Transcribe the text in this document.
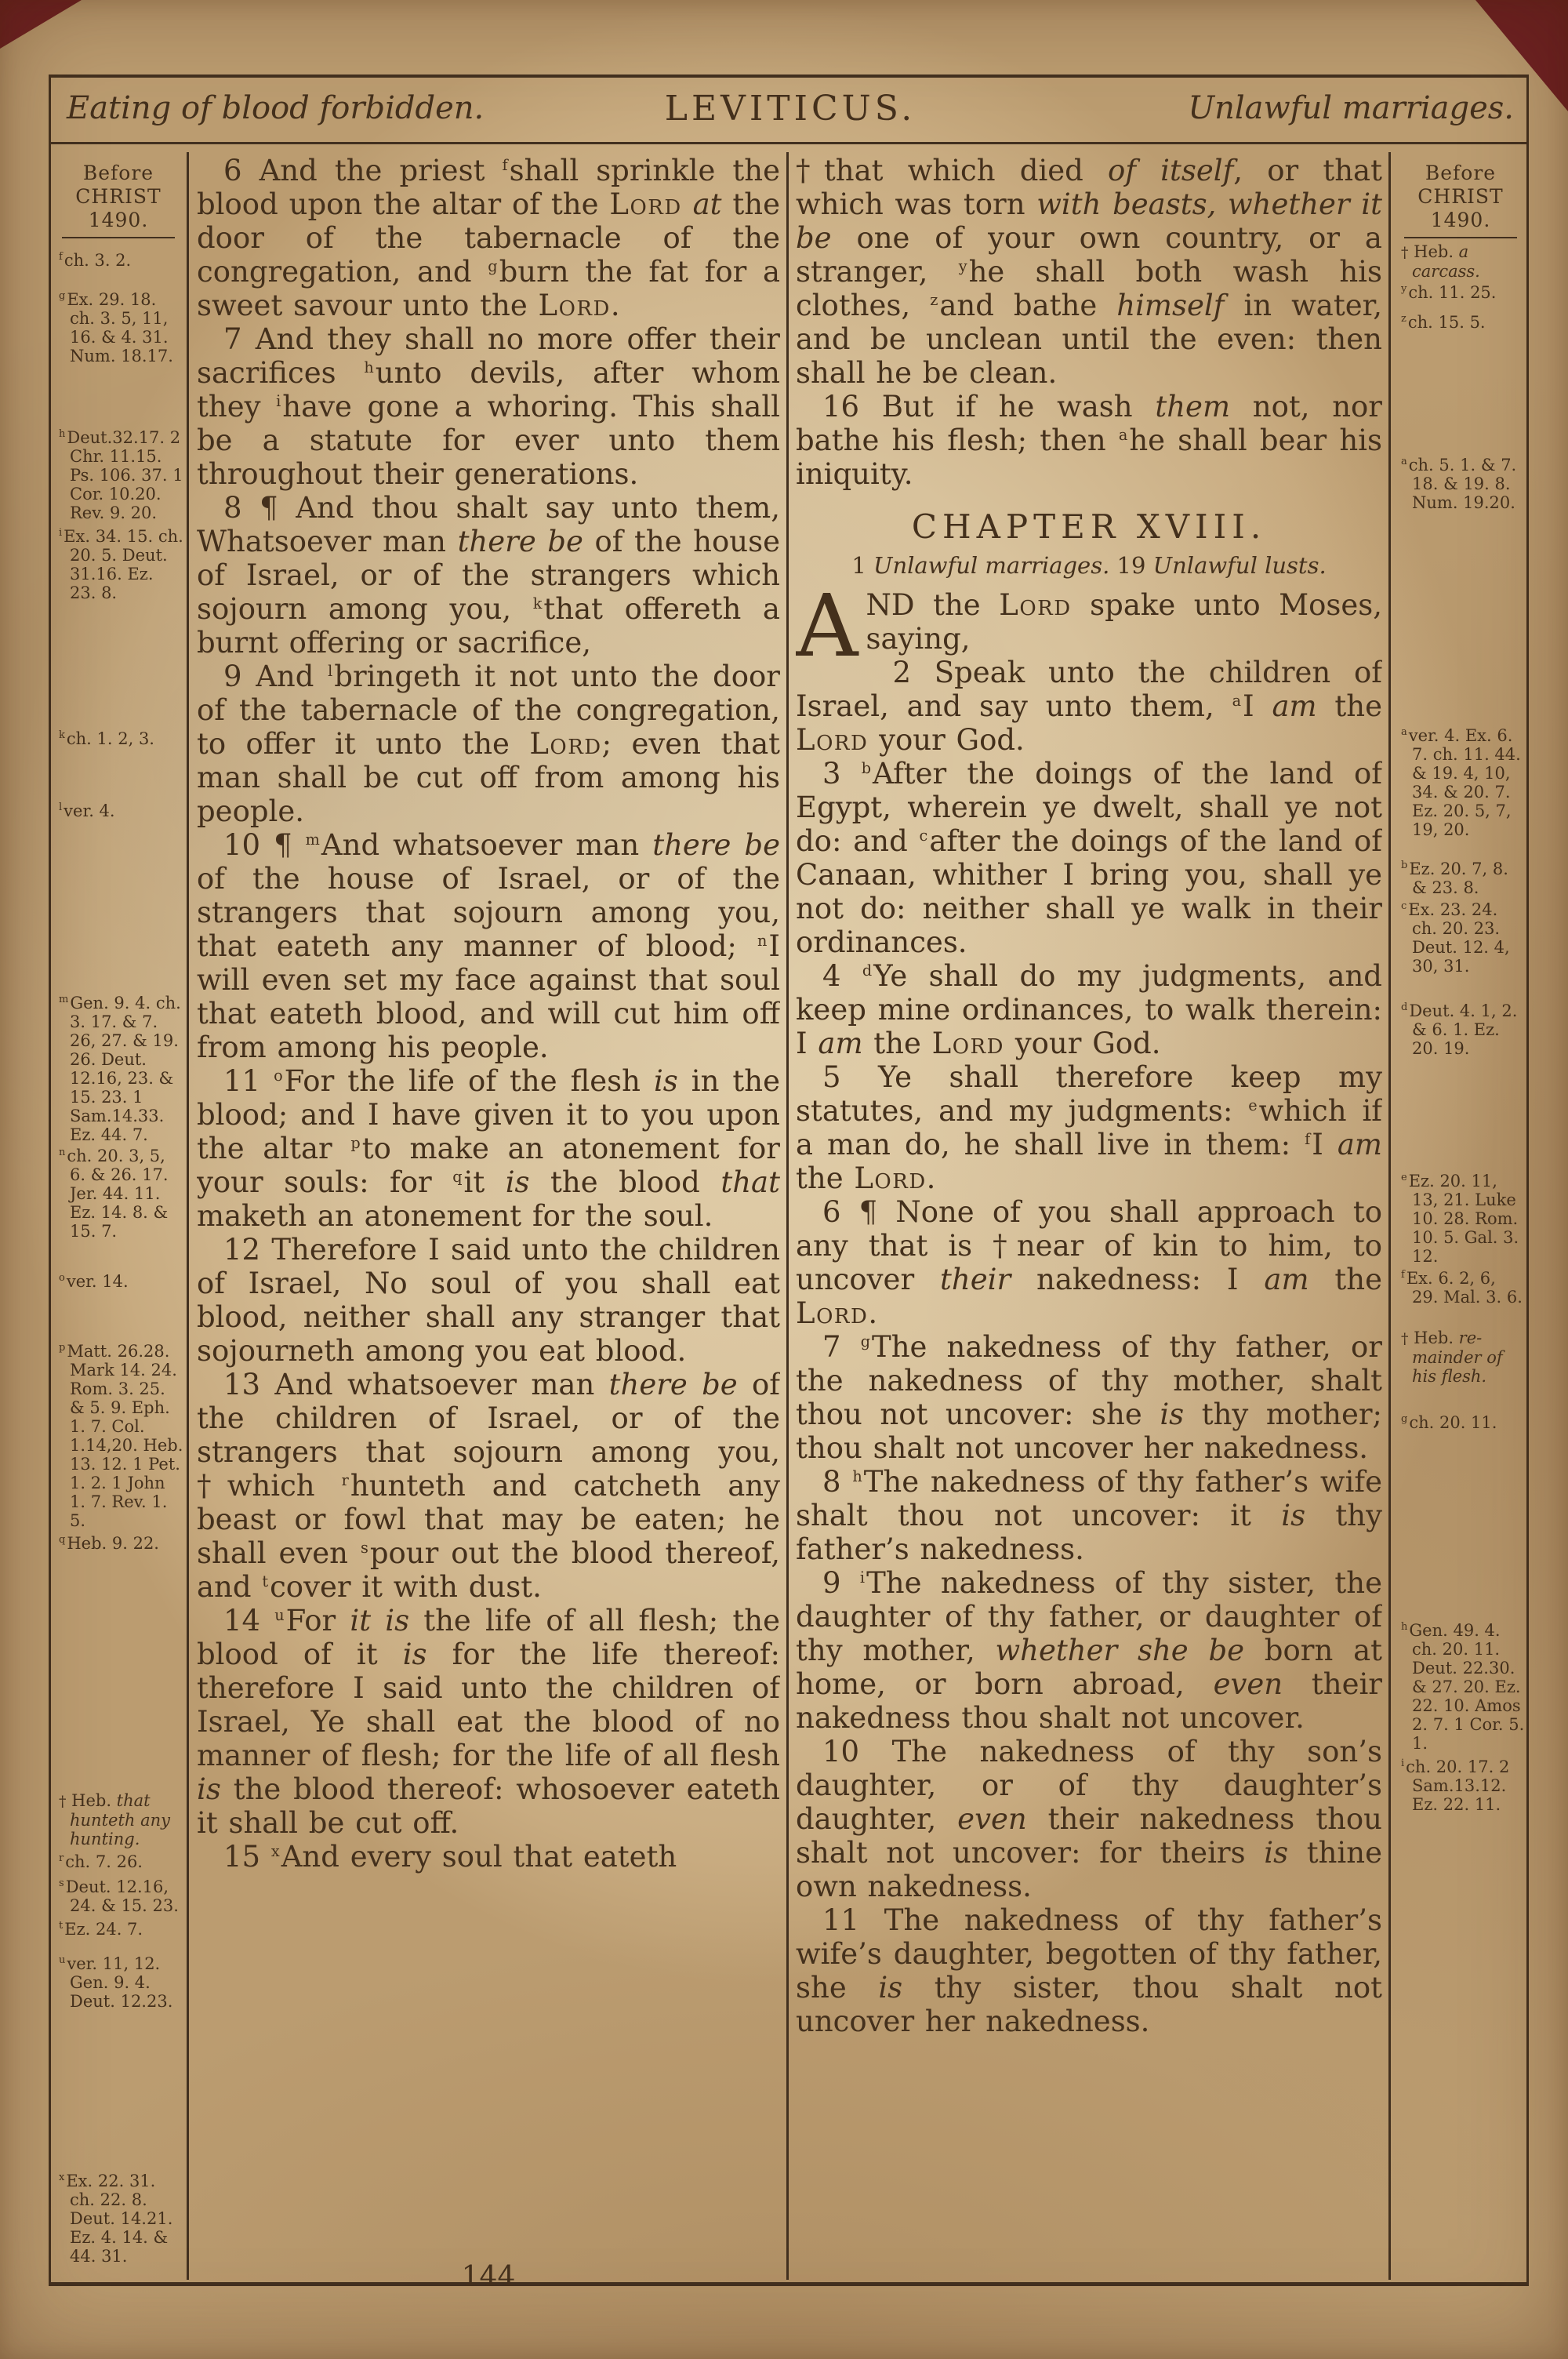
Eating of blood forbidden.	LEVITICUS.	Unlawful marriages.
Before
CHRIST
1490.
$^f$ch. 3. 2.
$^g$Ex. 29. 18. ch. 3. 5, 11, 16. & 4. 31. Num. 18.17.
$^h$Deut.32.17. 2 Chr. 11.15. Ps. 106. 37. 1 Cor. 10.20. Rev. 9. 20.
$^i$Ex. 34. 15. ch. 20. 5. Deut. 31.16. Ez. 23. 8.
$^k$ch. 1. 2, 3.
$^l$ver. 4.
$^m$Gen. 9. 4. ch. 3. 17. & 7. 26, 27. & 19. 26. Deut. 12.16, 23. & 15. 23. 1 Sam.14.33. Ez. 44. 7.
$^n$ch. 20. 3, 5, 6. & 26. 17. Jer. 44. 11. Ez. 14. 8. & 15. 7.
$^o$ver. 14.
$^p$Matt. 26.28. Mark 14. 24. Rom. 3. 25. & 5. 9. Eph. 1. 7. Col. 1.14,20. Heb. 13. 12. 1 Pet. 1. 2. 1 John 1. 7. Rev. 1. 5.
$^q$Heb. 9. 22.
† Heb. that hunteth any hunting.
$^r$ch. 7. 26.
$^s$Deut. 12.16, 24. & 15. 23.
$^t$Ez. 24. 7.
$^u$ver. 11, 12. Gen. 9. 4. Deut. 12.23.
$^x$Ex. 22. 31. ch. 22. 8. Deut. 14.21. Ez. 4. 14. & 44. 31.

6 And the priest $^f$shall sprinkle the blood upon the altar of the Lord at the door of the tabernacle of the congregation, and $^g$burn the fat for a sweet savour unto the Lord.

7 And they shall no more offer their sacrifices $^h$unto devils, after whom they $^i$have gone a whoring. This shall be a statute for ever unto them throughout their generations.

8 ¶ And thou shalt say unto them, Whatsoever man there be of the house of Israel, or of the strangers which sojourn among you, $^k$that offereth a burnt offering or sacrifice,

9 And $^l$bringeth it not unto the door of the tabernacle of the congregation, to offer it unto the Lord; even that man shall be cut off from among his people.

10 ¶ $^m$And whatsoever man there be of the house of Israel, or of the strangers that sojourn among you, that eateth any manner of blood; $^n$I will even set my face against that soul that eateth blood, and will cut him off from among his people.

11 $^o$For the life of the flesh is in the blood; and I have given it to you upon the altar $^p$to make an atonement for your souls: for $^q$it is the blood that maketh an atonement for the soul.

12 Therefore I said unto the children of Israel, No soul of you shall eat blood, neither shall any stranger that sojourneth among you eat blood.

13 And whatsoever man there be of the children of Israel, or of the strangers that sojourn among you, †which $^r$hunteth and catcheth any beast or fowl that may be eaten; he shall even $^s$pour out the blood thereof, and $^t$cover it with dust.

14 $^u$For it is the life of all flesh; the blood of it is for the life thereof: therefore I said unto the children of Israel, Ye shall eat the blood of no manner of flesh; for the life of all flesh is the blood thereof: whosoever eateth it shall be cut off.

15 $^x$And every soul that eateth

†that which died of itself, or that which was torn with beasts, whether it be one of your own country, or a stranger, $^y$he shall both wash his clothes, $^z$and bathe himself in water, and be unclean until the even: then shall he be clean.

16 But if he wash them not, nor bathe his flesh; then $^a$he shall bear his iniquity.

CHAPTER XVIII.

1 Unlawful marriages. 19 Unlawful lusts.

AND the Lord spake unto Moses, saying,

2 Speak unto the children of Israel, and say unto them, $^a$I am the Lord your God.

3 $^b$After the doings of the land of Egypt, wherein ye dwelt, shall ye not do: and $^c$after the doings of the land of Canaan, whither I bring you, shall ye not do: neither shall ye walk in their ordinances.

4 $^d$Ye shall do my judgments, and keep mine ordinances, to walk therein: I am the Lord your God.

5 Ye shall therefore keep my statutes, and my judgments: $^e$which if a man do, he shall live in them: $^f$I am the Lord.

6 ¶ None of you shall approach to any that is †near of kin to him, to uncover their nakedness: I am the Lord.

7 $^g$The nakedness of thy father, or the nakedness of thy mother, shalt thou not uncover: she is thy mother; thou shalt not uncover her nakedness.

8 $^h$The nakedness of thy father’s wife shalt thou not uncover: it is thy father’s nakedness.

9 $^i$The nakedness of thy sister, the daughter of thy father, or daughter of thy mother, whether she be born at home, or born abroad, even their nakedness thou shalt not uncover.

10 The nakedness of thy son’s daughter, or of thy daughter’s daughter, even their nakedness thou shalt not uncover: for theirs is thine own nakedness.

11 The nakedness of thy father’s wife’s daughter, begotten of thy father, she is thy sister, thou shalt not uncover her nakedness.

Before
CHRIST
1490.
† Heb. a carcass.
$^y$ch. 11. 25.
$^z$ch. 15. 5.
$^a$ch. 5. 1. & 7. 18. & 19. 8. Num. 19.20.
$^a$ver. 4. Ex. 6. 7. ch. 11. 44. & 19. 4, 10, 34. & 20. 7. Ez. 20. 5, 7, 19, 20.
$^b$Ez. 20. 7, 8. & 23. 8.
$^c$Ex. 23. 24. ch. 20. 23. Deut. 12. 4, 30, 31.
$^d$Deut. 4. 1, 2. & 6. 1. Ez. 20. 19.
$^e$Ez. 20. 11, 13, 21. Luke 10. 28. Rom. 10. 5. Gal. 3. 12.
$^f$Ex. 6. 2, 6, 29. Mal. 3. 6.
† Heb. re-mainder of his flesh.
$^g$ch. 20. 11.
$^h$Gen. 49. 4. ch. 20. 11. Deut. 22.30. & 27. 20. Ez. 22. 10. Amos 2. 7. 1 Cor. 5. 1.
$^i$ch. 20. 17. 2 Sam.13.12. Ez. 22. 11.
144
